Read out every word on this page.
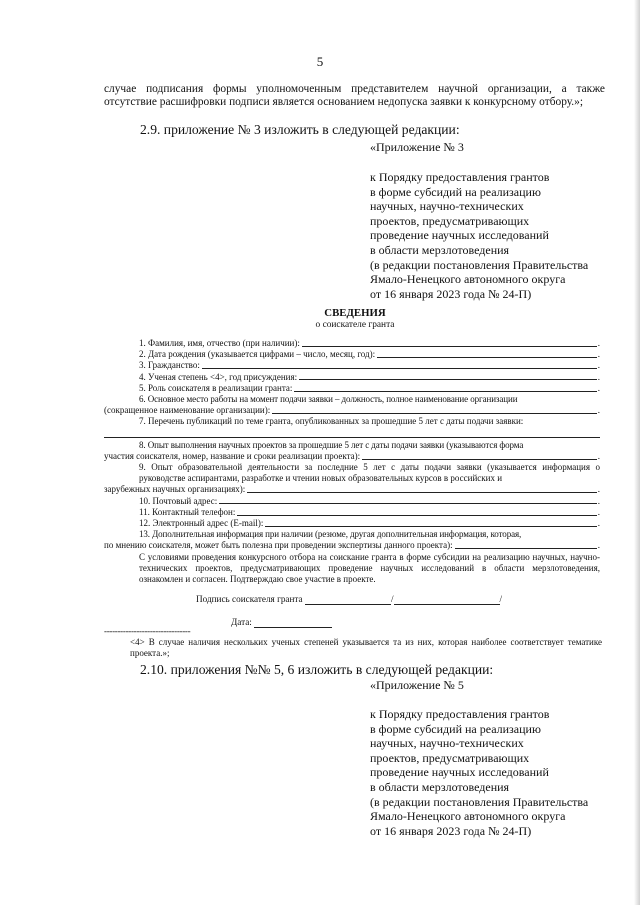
5

случае подписания формы уполномоченным представителем научной организации, а также отсутствие расшифровки подписи является основанием недопуска заявки к конкурсному отбору.»;

2.9. приложение № 3 изложить в следующей редакции:
«Приложение № 3
к Порядку предоставления грантов
в форме субсидий на реализацию
научных, научно-технических
проектов, предусматривающих
проведение научных исследований
в области мерзлотоведения
(в редакции постановления Правительства
Ямало-Ненецкого автономного округа
от 16 января 2023 года № 24-П)
СВЕДЕНИЯ
о соискателе гранта
1. Фамилия, имя, отчество (при наличии):	.
2. Дата рождения (указывается цифрами – число, месяц, год):	.
3. Гражданство:	.
4. Ученая степень <4>, год присуждения:	.
5. Роль соискателя в реализации гранта:	.
6. Основное место работы на момент подачи заявки – должность, полное наименование организации
(сокращенное наименование организации):	.
7. Перечень публикаций по теме гранта, опубликованных за прошедшие 5 лет с даты подачи заявки:
8. Опыт выполнения научных проектов за прошедшие 5 лет с даты подачи заявки (указываются форма
участия соискателя, номер, название и сроки реализации проекта):	.
9. Опыт образовательной деятельности за последние 5 лет с даты подачи заявки (указывается информация о руководстве аспирантами, разработке и чтении новых образовательных курсов в российских и
зарубежных научных организациях):	.
10. Почтовый адрес:	.
11. Контактный телефон:	.
12. Электронный адрес (E-mail):	.
13. Дополнительная информация при наличии (резюме, другая дополнительная информация, которая,
по мнению соискателя, может быть полезна при проведении экспертизы данного проекта):	.
С условиями проведения конкурсного отбора на соискание гранта в форме субсидии на реализацию научных, научно-технических проектов, предусматривающих проведение научных исследований в области мерзлотоведения, ознакомлен и согласен. Подтверждаю свое участие в проекте.
Подпись соискателя гранта	/	/
Дата:
--------------------------------
<4> В случае наличия нескольких ученых степеней указывается та из них, которая наиболее соответствует тематике проекта.»;
2.10. приложения №№ 5, 6 изложить в следующей редакции:
«Приложение № 5
к Порядку предоставления грантов
в форме субсидий на реализацию
научных, научно-технических
проектов, предусматривающих
проведение научных исследований
в области мерзлотоведения
(в редакции постановления Правительства
Ямало-Ненецкого автономного округа
от 16 января 2023 года № 24-П)
